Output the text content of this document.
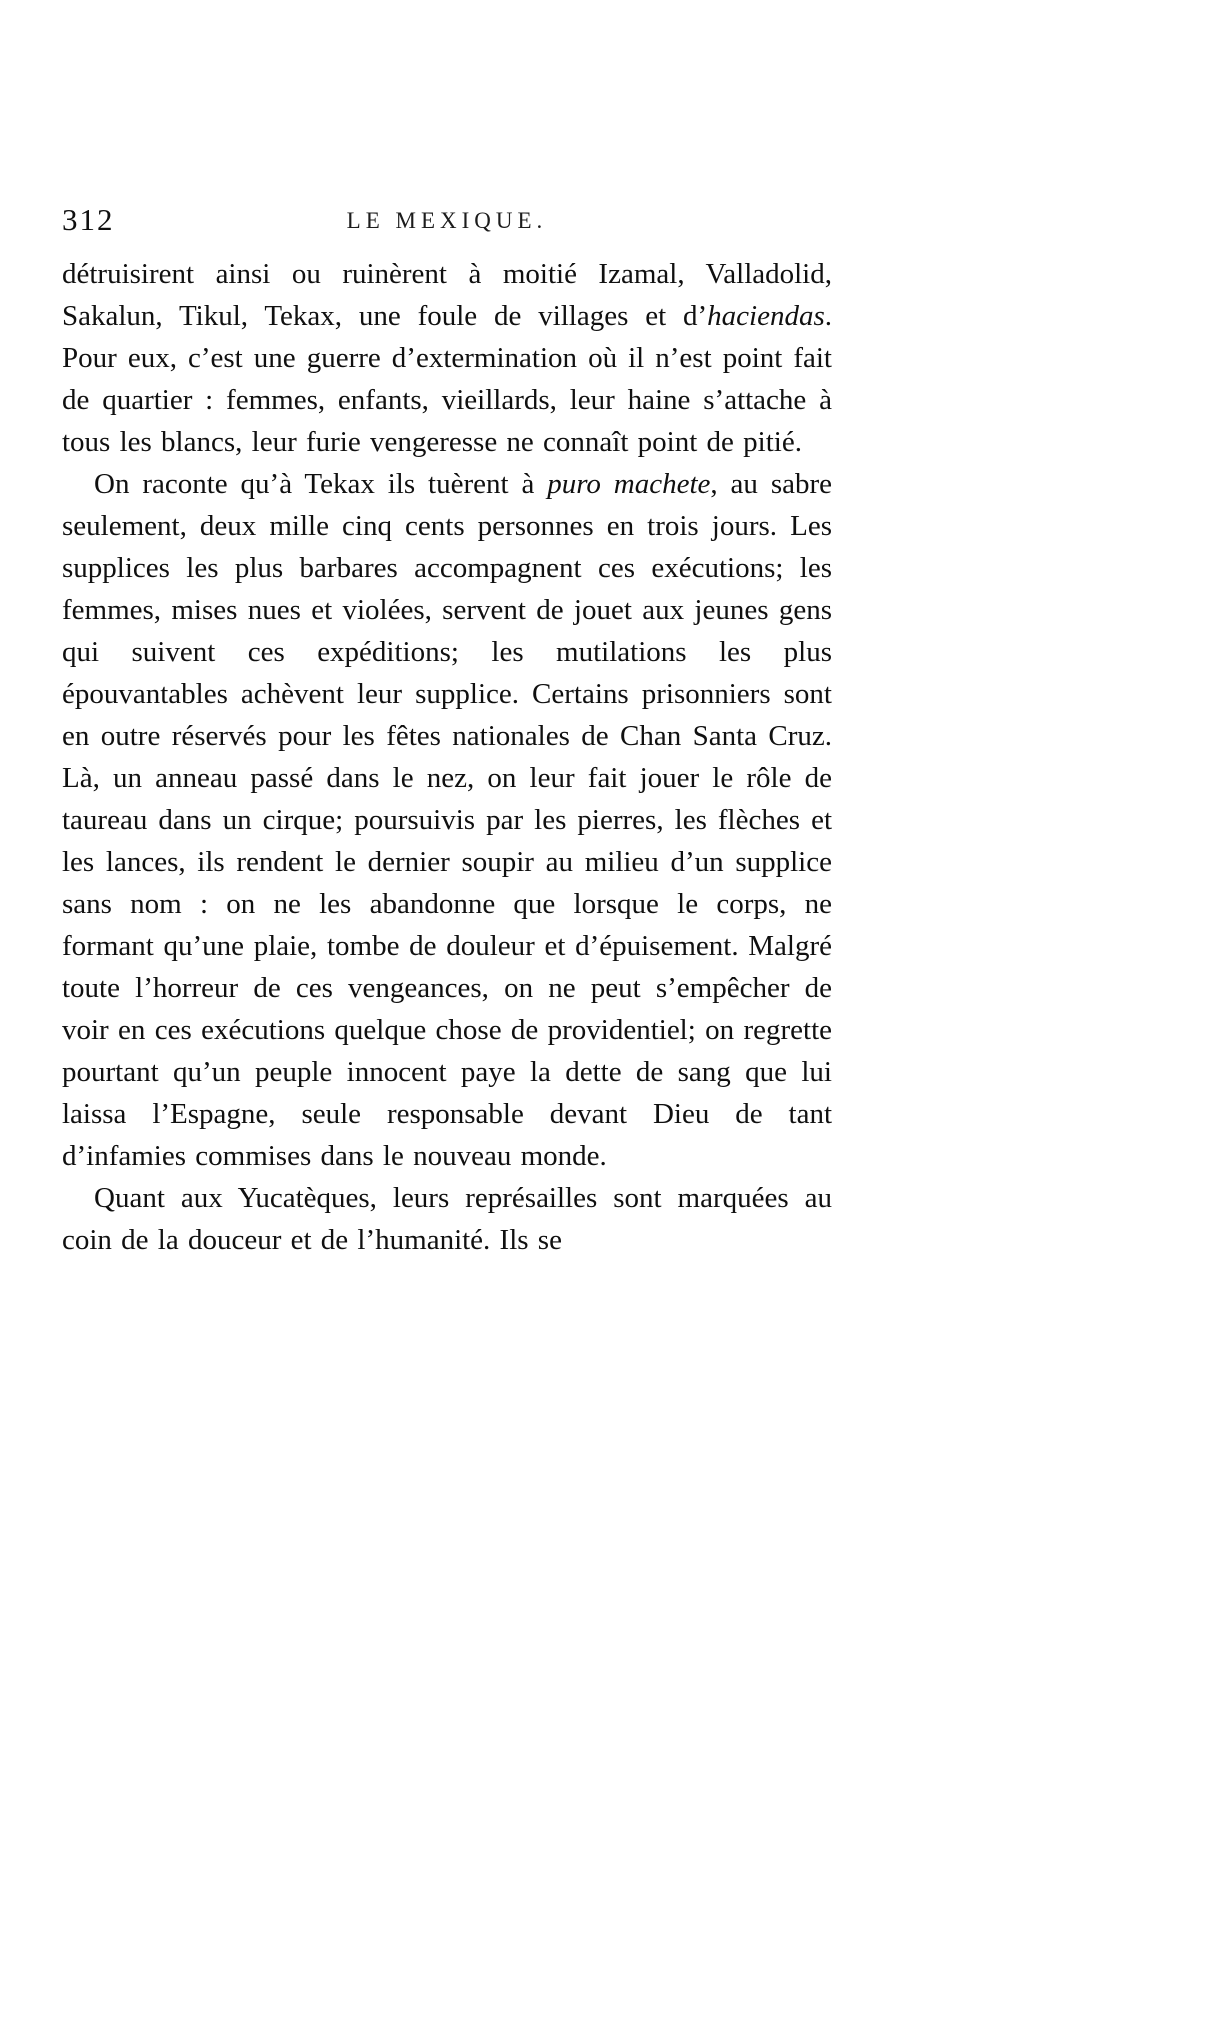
312	LE MEXIQUE.

détruisirent ainsi ou ruinèrent à moitié Izamal, Valladolid, Sakalun, Tikul, Tekax, une foule de villages et d’haciendas. Pour eux, c’est une guerre d’extermination où il n’est point fait de quartier : femmes, enfants, vieillards, leur haine s’attache à tous les blancs, leur furie vengeresse ne connaît point de pitié.

On raconte qu’à Tekax ils tuèrent à puro machete, au sabre seulement, deux mille cinq cents personnes en trois jours. Les supplices les plus barbares accompagnent ces exécutions; les femmes, mises nues et violées, servent de jouet aux jeunes gens qui suivent ces expéditions; les mutilations les plus épouvantables achèvent leur supplice. Certains prisonniers sont en outre réservés pour les fêtes nationales de Chan Santa Cruz. Là, un anneau passé dans le nez, on leur fait jouer le rôle de taureau dans un cirque; poursuivis par les pierres, les flèches et les lances, ils rendent le dernier soupir au milieu d’un supplice sans nom : on ne les abandonne que lorsque le corps, ne formant qu’une plaie, tombe de douleur et d’épuisement. Malgré toute l’horreur de ces vengeances, on ne peut s’empêcher de voir en ces exécutions quelque chose de providentiel; on regrette pourtant qu’un peuple innocent paye la dette de sang que lui laissa l’Espagne, seule responsable devant Dieu de tant d’infamies commises dans le nouveau monde.

Quant aux Yucatèques, leurs représailles sont marquées au coin de la douceur et de l’humanité. Ils se
